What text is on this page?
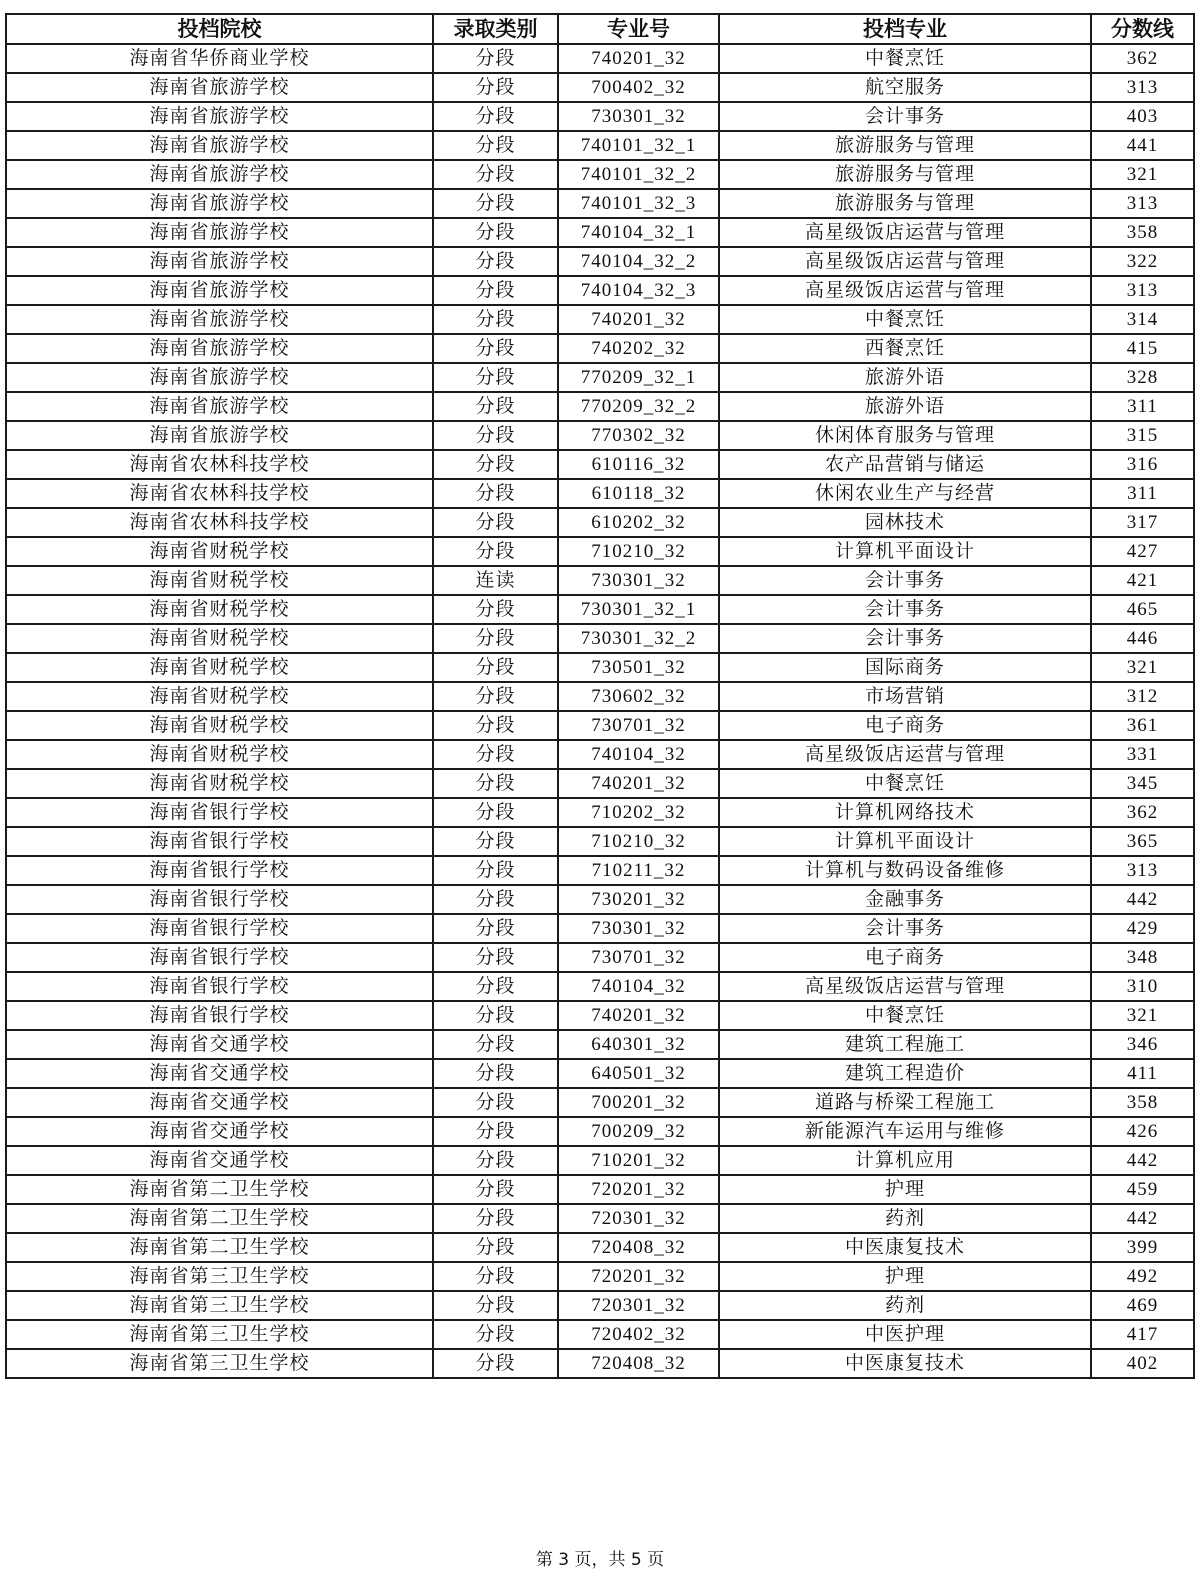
投档院校	录取类别	专业号	投档专业	分数线
海南省华侨商业学校	分段	740201_32	中餐烹饪	362
海南省旅游学校	分段	700402_32	航空服务	313
海南省旅游学校	分段	730301_32	会计事务	403
海南省旅游学校	分段	740101_32_1	旅游服务与管理	441
海南省旅游学校	分段	740101_32_2	旅游服务与管理	321
海南省旅游学校	分段	740101_32_3	旅游服务与管理	313
海南省旅游学校	分段	740104_32_1	高星级饭店运营与管理	358
海南省旅游学校	分段	740104_32_2	高星级饭店运营与管理	322
海南省旅游学校	分段	740104_32_3	高星级饭店运营与管理	313
海南省旅游学校	分段	740201_32	中餐烹饪	314
海南省旅游学校	分段	740202_32	西餐烹饪	415
海南省旅游学校	分段	770209_32_1	旅游外语	328
海南省旅游学校	分段	770209_32_2	旅游外语	311
海南省旅游学校	分段	770302_32	休闲体育服务与管理	315
海南省农林科技学校	分段	610116_32	农产品营销与储运	316
海南省农林科技学校	分段	610118_32	休闲农业生产与经营	311
海南省农林科技学校	分段	610202_32	园林技术	317
海南省财税学校	分段	710210_32	计算机平面设计	427
海南省财税学校	连读	730301_32	会计事务	421
海南省财税学校	分段	730301_32_1	会计事务	465
海南省财税学校	分段	730301_32_2	会计事务	446
海南省财税学校	分段	730501_32	国际商务	321
海南省财税学校	分段	730602_32	市场营销	312
海南省财税学校	分段	730701_32	电子商务	361
海南省财税学校	分段	740104_32	高星级饭店运营与管理	331
海南省财税学校	分段	740201_32	中餐烹饪	345
海南省银行学校	分段	710202_32	计算机网络技术	362
海南省银行学校	分段	710210_32	计算机平面设计	365
海南省银行学校	分段	710211_32	计算机与数码设备维修	313
海南省银行学校	分段	730201_32	金融事务	442
海南省银行学校	分段	730301_32	会计事务	429
海南省银行学校	分段	730701_32	电子商务	348
海南省银行学校	分段	740104_32	高星级饭店运营与管理	310
海南省银行学校	分段	740201_32	中餐烹饪	321
海南省交通学校	分段	640301_32	建筑工程施工	346
海南省交通学校	分段	640501_32	建筑工程造价	411
海南省交通学校	分段	700201_32	道路与桥梁工程施工	358
海南省交通学校	分段	700209_32	新能源汽车运用与维修	426
海南省交通学校	分段	710201_32	计算机应用	442
海南省第二卫生学校	分段	720201_32	护理	459
海南省第二卫生学校	分段	720301_32	药剂	442
海南省第二卫生学校	分段	720408_32	中医康复技术	399
海南省第三卫生学校	分段	720201_32	护理	492
海南省第三卫生学校	分段	720301_32	药剂	469
海南省第三卫生学校	分段	720402_32	中医护理	417
海南省第三卫生学校	分段	720408_32	中医康复技术	402
第 3 页，共 5 页
